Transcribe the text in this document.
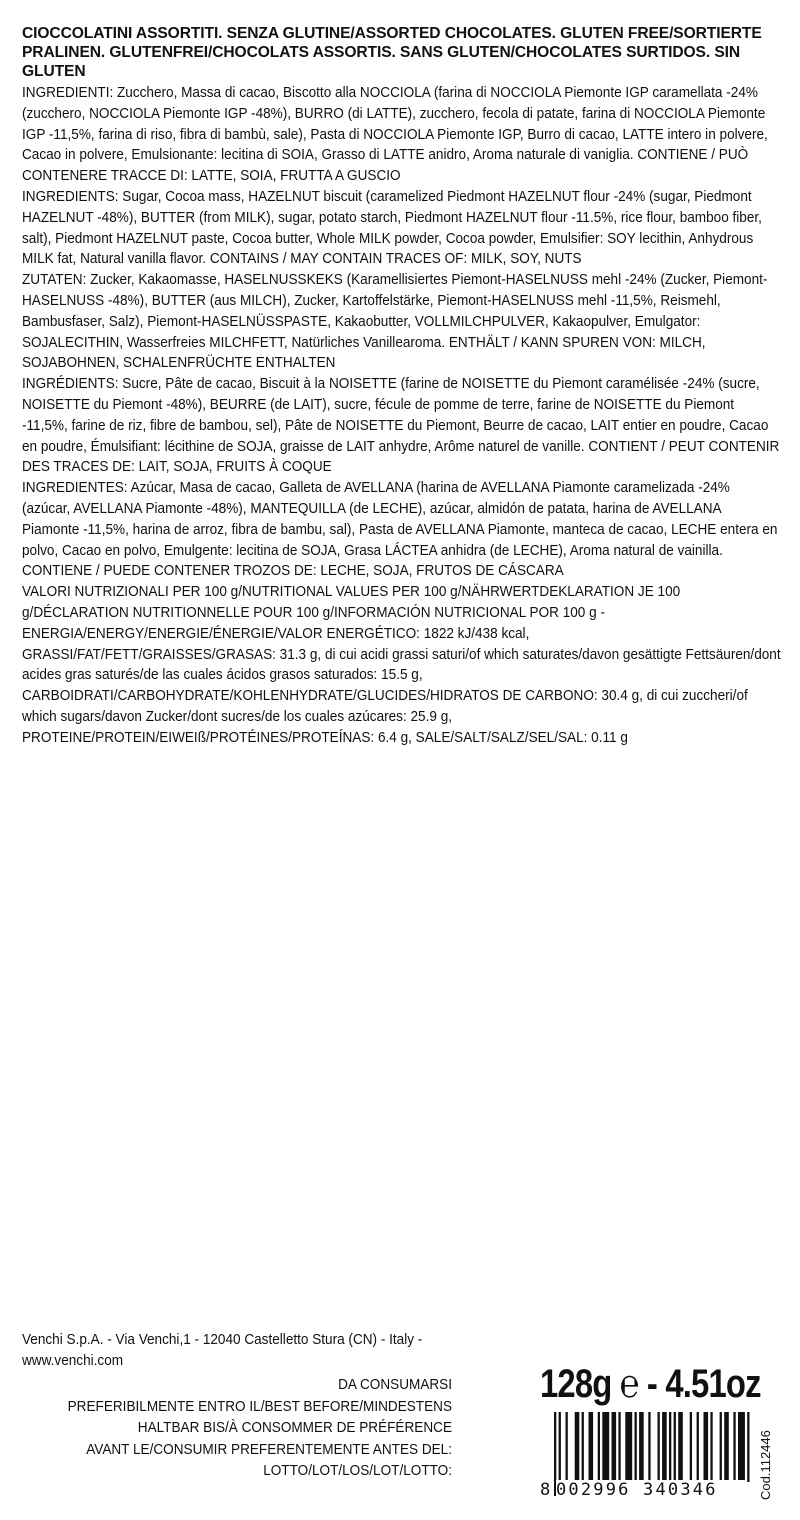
CIOCCOLATINI ASSORTITI. SENZA GLUTINE/ASSORTED CHOCOLATES. GLUTEN FREE/SORTIERTE PRALINEN. GLUTENFREI/CHOCOLATS ASSORTIS. SANS GLUTEN/CHOCOLATES SURTIDOS. SIN GLUTEN

INGREDIENTI: Zucchero, Massa di cacao, Biscotto alla NOCCIOLA (farina di NOCCIOLA Piemonte IGP caramellata -24% (zucchero, NOCCIOLA Piemonte IGP -48%), BURRO (di LATTE), zucchero, fecola di patate, farina di NOCCIOLA Piemonte IGP -11,5%, farina di riso, fibra di bambù, sale), Pasta di NOCCIOLA Piemonte IGP, Burro di cacao, LATTE intero in polvere, Cacao in polvere, Emulsionante: lecitina di SOIA, Grasso di LATTE anidro, Aroma naturale di vaniglia. CONTIENE / PUÒ CONTENERE TRACCE DI: LATTE, SOIA, FRUTTA A GUSCIO

INGREDIENTS: Sugar, Cocoa mass, HAZELNUT biscuit (caramelized Piedmont HAZELNUT flour -24% (sugar, Piedmont HAZELNUT -48%), BUTTER (from MILK), sugar, potato starch, Piedmont HAZELNUT flour -11.5%, rice flour, bamboo fiber, salt), Piedmont HAZELNUT paste, Cocoa butter, Whole MILK powder, Cocoa powder, Emulsifier: SOY lecithin, Anhydrous MILK fat, Natural vanilla flavor. CONTAINS / MAY CONTAIN TRACES OF: MILK, SOY, NUTS

ZUTATEN: Zucker, Kakaomasse, HASELNUSSKEKS (Karamellisiertes Piemont-HASELNUSS mehl -24% (Zucker, Piemont-HASELNUSS -48%), BUTTER (aus MILCH), Zucker, Kartoffelstärke, Piemont-HASELNUSS mehl -11,5%, Reismehl, Bambusfaser, Salz), Piemont-HASELNÜSSPASTE, Kakaobutter, VOLLMILCHPULVER, Kakaopulver, Emulgator: SOJALECITHIN, Wasserfreies MILCHFETT, Natürliches Vanillearoma. ENTHÄLT / KANN SPUREN VON: MILCH, SOJABOHNEN, SCHALENFRÜCHTE ENTHALTEN

INGRÉDIENTS: Sucre, Pâte de cacao, Biscuit à la NOISETTE (farine de NOISETTE du Piemont caramélisée -24% (sucre, NOISETTE du Piemont -48%), BEURRE (de LAIT), sucre, fécule de pomme de terre, farine de NOISETTE du Piemont -11,5%, farine de riz, fibre de bambou, sel), Pâte de NOISETTE du Piemont, Beurre de cacao, LAIT entier en poudre, Cacao en poudre, Émulsifiant: lécithine de SOJA, graisse de LAIT anhydre, Arôme naturel de vanille. CONTIENT / PEUT CONTENIR DES TRACES DE: LAIT, SOJA, FRUITS À COQUE

INGREDIENTES: Azúcar, Masa de cacao, Galleta de AVELLANA (harina de AVELLANA Piamonte caramelizada -24% (azúcar, AVELLANA Piamonte -48%), MANTEQUILLA (de LECHE), azúcar, almidón de patata, harina de AVELLANA Piamonte -11,5%, harina de arroz, fibra de bambu, sal), Pasta de AVELLANA Piamonte, manteca de cacao, LECHE entera en polvo, Cacao en polvo, Emulgente: lecitina de SOJA, Grasa LÁCTEA anhidra (de LECHE), Aroma natural de vainilla. CONTIENE / PUEDE CONTENER TROZOS DE: LECHE, SOJA, FRUTOS DE CÁSCARA

VALORI NUTRIZIONALI PER 100 g/NUTRITIONAL VALUES PER 100 g/NÄHRWERTDEKLARATION JE 100 g/DÉCLARATION NUTRITIONNELLE POUR 100 g/INFORMACIÓN NUTRICIONAL POR 100 g -

ENERGIA/ENERGY/ENERGIE/ÉNERGIE/VALOR ENERGÉTICO: 1822 kJ/438 kcal,

GRASSI/FAT/FETT/GRAISSES/GRASAS: 31.3 g, di cui acidi grassi saturi/of which saturates/davon gesättigte Fettsäuren/dont acides gras saturés/de las cuales ácidos grasos saturados: 15.5 g,

CARBOIDRATI/CARBOHYDRATE/KOHLENHYDRATE/GLUCIDES/HIDRATOS DE CARBONO: 30.4 g, di cui zuccheri/of which sugars/davon Zucker/dont sucres/de los cuales azúcares: 25.9 g,

PROTEINE/PROTEIN/EIWEIß/PROTÉINES/PROTEÍNAS: 6.4 g, SALE/SALT/SALZ/SEL/SAL: 0.11 g

Venchi S.p.A. - Via Venchi,1 - 12040 Castelletto Stura (CN) - Italy - www.venchi.com
DA CONSUMARSI
PREFERIBILMENTE ENTRO IL/BEST BEFORE/MINDESTENS
HALTBAR BIS/À CONSOMMER DE PRÉFÉRENCE
AVANT LE/CONSUMIR PREFERENTEMENTE ANTES DEL:
LOTTO/LOT/LOS/LOT/LOTTO:
128g ℮ - 4.51oz
8 002996 340346	Cod.112446
